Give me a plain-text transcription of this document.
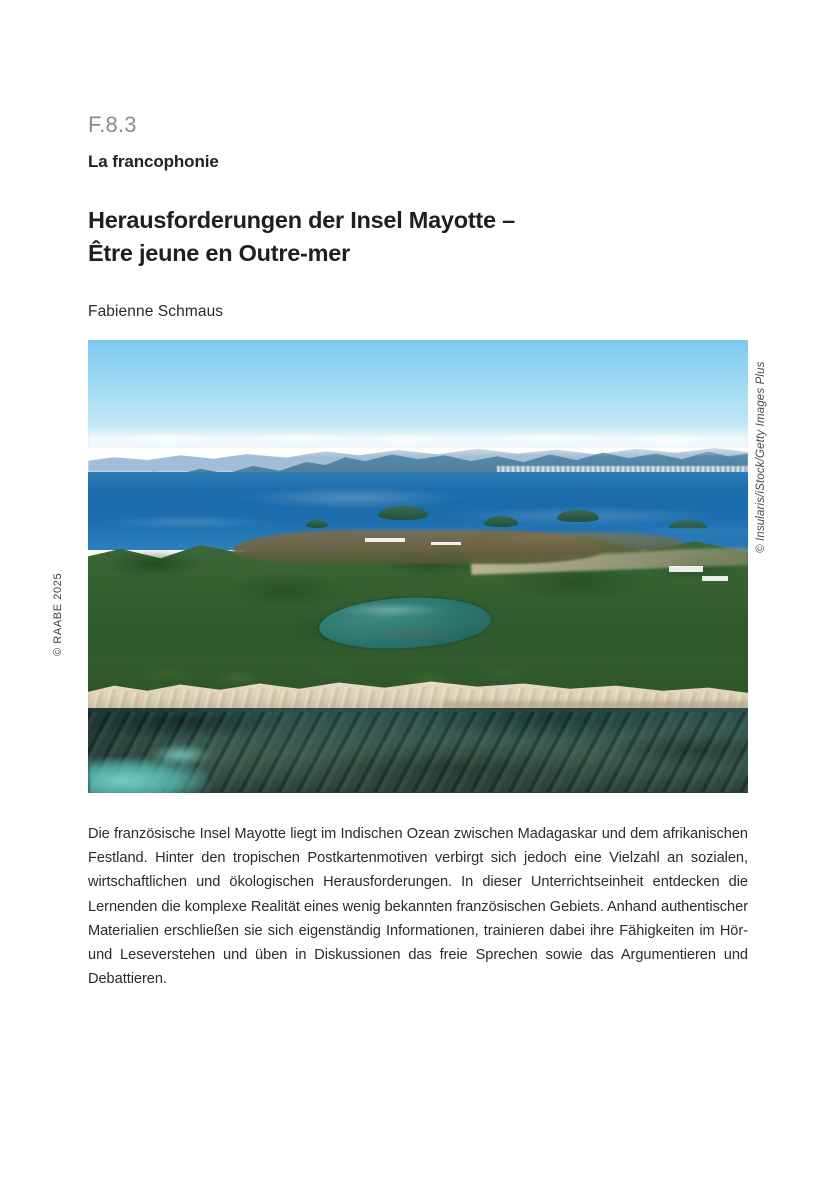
F.8.3
La francophonie
Herausforderungen der Insel Mayotte –
Être jeune en Outre-mer
Fabienne Schmaus
© Insularis/iStock/Getty Images Plus
© RAABE 2025
Die französische Insel Mayotte liegt im Indischen Ozean zwischen Madagaskar und dem afrikanischen Festland. Hinter den tropischen Postkartenmotiven verbirgt sich jedoch eine Vielzahl an sozialen, wirtschaftlichen und ökologischen Herausforderungen. In dieser Unterrichtseinheit entdecken die Lernenden die komplexe Realität eines wenig bekannten französischen Gebiets. Anhand authentischer Materialien erschließen sie sich eigenständig Informationen, trainieren dabei ihre Fähigkeiten im Hör- und Leseverstehen und üben in Diskussionen das freie Sprechen sowie das Argumentieren und Debattieren.
